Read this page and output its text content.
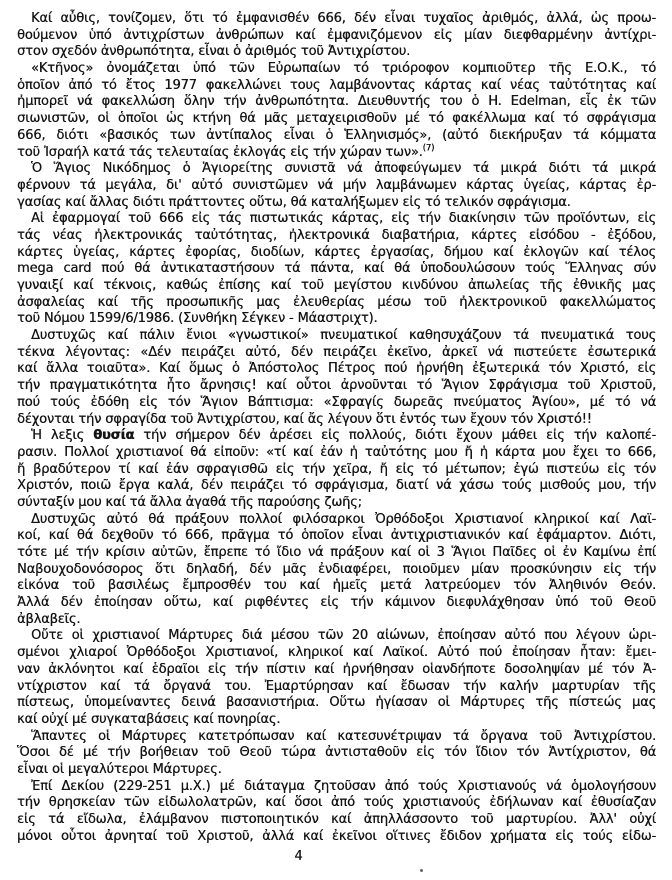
Καί αὖθις, τονίζομεν, ὅτι τό ἐμφανισθέν 666, δέν εἶναι τυχαῖος ἀριθμός, ἀλλά, ὡς προω-
θούμενον ὑπό ἀντιχρίστων ἀνθρώπων καί ἐμφανιζόμενον εἰς μίαν διεφθαρμένην ἀντίχρι-
στον σχεδόν ἀνθρωπότητα, εἶναι ὁ ἀριθμός τοῦ Ἀντιχρίστου.
«Κτῆνος» ὀνομάζεται ὑπό τῶν Εὐρωπαίων τό τριόροφον κομπιοῦτερ τῆς Ε.Ο.Κ., τό
ὁποῖον ἀπό τό ἔτος 1977 φακελλώνει τους λαμβάνοντας κάρτας καί νέας ταὐτότητας καί
ἠμπορεῖ νά φακελλώση ὅλην τήν ἀνθρωπότητα. Διευθυντής του ὁ H. Edelman, εἷς ἐκ τῶν
σιωνιστῶν, οἱ ὁποῖοι ὡς κτήνη θά μᾶς μεταχειρισθοῦν μέ τό φακέλλωμα καί τό σφράγισμα
666, διότι «βασικός των ἀντίπαλος εἶναι ὁ Ἑλληνισμός», (αὐτό διεκήρυξαν τά κόμματα
τοῦ Ἰσραήλ κατά τάς τελευταίας ἐκλογάς εἰς τήν χώραν των».$^{(7)}$
Ὁ Ἅγιος Νικόδημος ὁ Ἁγιορείτης συνιστᾶ νά ἀποφεύγωμεν τά μικρά διότι τά μικρά
φέρνουν τά μεγάλα, δι' αὐτό συνιστῶμεν νά μήν λαμβάνωμεν κάρτας ὑγείας, κάρτας ἐρ-
γασίας καί ἄλλας διότι πράττοντες οὕτω, θά καταλήξωμεν εἰς τό τελικόν σφράγισμα.
Αἱ ἐφαρμογαί τοῦ 666 εἰς τάς πιστωτικάς κάρτας, εἰς τήν διακίνησιν τῶν προϊόντων, εἰς
τάς νέας ἠλεκτρονικάς ταὐτότητας, ἠλεκτρονικά διαβατήρια, κάρτες εἰσόδου - ἐξόδου,
κάρτες ὑγείας, κάρτες ἐφορίας, διοδίων, κάρτες ἐργασίας, δήμου καί ἐκλογῶν καί τέλος
mega card πού θά ἀντικαταστήσουν τά πάντα, καί θά ὑποδουλώσουν τούς Ἕλληνας σύν
γυναιξί καί τέκνοις, καθώς ἐπίσης καί τοῦ μεγίστου κινδύνου ἀπωλείας τῆς ἐθνικῆς μας
ἀσφαλείας καί τῆς προσωπικῆς μας ἐλευθερίας μέσω τοῦ ἠλεκτρονικοῦ φακελλώματος
τοῦ Νόμου 1599/6/1986. (Συνθήκη Σέγκεν - Μάαστριχτ).
Δυστυχῶς καί πάλιν ἔνιοι «γνωστικοί» πνευματικοί καθησυχάζουν τά πνευματικά τους
τέκνα λέγοντας: «Δέν πειράζει αὐτό, δέν πειράζει ἐκεῖνο, ἀρκεῖ νά πιστεύετε ἐσωτερικά
καί ἄλλα τοιαῦτα». Καί ὅμως ὁ Ἀπόστολος Πέτρος πού ἠρνήθη ἐξωτερικά τόν Χριστό, εἰς
τήν πραγματικότητα ἦτο ἄρνησις! καί οὗτοι ἀρνοῦνται τό Ἅγιον Σφράγισμα τοῦ Χριστοῦ,
πού τούς ἐδόθη εἰς τόν Ἅγιον Βάπτισμα: «Σφραγίς δωρεᾶς πνεύματος Ἁγίου», μέ τό νά
δέχονται τήν σφραγίδα τοῦ Ἀντιχρίστου, καί ἄς λέγουν ὅτι ἐντός των ἔχουν τόν Χριστό!!
Ἡ λεξις θυσία τήν σήμερον δέν ἀρέσει εἰς πολλούς, διότι ἔχουν μάθει εἰς τήν καλοπέ-
ρασιν. Πολλοί χριστιανοί θά εἰποῦν: «τί καί ἐάν ἡ ταὐτότης μου ἤ ἡ κάρτα μου ἔχει το 666,
ἤ βραδύτερον τί καί ἐάν σφραγισθῶ εἰς τήν χεῖρα, ἤ εἰς τό μέτωπον; ἐγώ πιστεύω εἰς τόν
Χριστόν, ποιῶ ἔργα καλά, δέν πειράζει τό σφράγισμα, διατί νά χάσω τούς μισθούς μου, τήν
σύνταξίν μου καί τά ἄλλα ἀγαθά τῆς παρούσης ζωῆς;
Δυστυχῶς αὐτό θά πράξουν πολλοί φιλόσαρκοι Ὀρθόδοξοι Χριστιανοί κληρικοί καί Λαϊ-
κοί, καί θά δεχθοῦν τό 666, πρᾶγμα τό ὁποῖον εἶναι ἀντιχριστιανικόν καί ἐφάμαρτον. Διότι,
τότε μέ τήν κρίσιν αὐτῶν, ἔπρεπε τό ἴδιο νά πράξουν καί οἱ 3 Ἅγιοι Παῖδες οἱ ἐν Καμίνω ἐπί
Ναβουχοδονόσορος ὅτι δηλαδή, δέν μᾶς ἐνδιαφέρει, ποιοῦμεν μίαν προσκύνησιν εἰς τήν
εἰκόνα τοῦ βασιλέως ἔμπροσθέν του καί ἡμεῖς μετά λατρεύομεν τόν Ἀληθινόν Θεόν.
Ἀλλά δέν ἐποίησαν οὕτω, καί ριφθέντες εἰς τήν κάμινον διεφυλάχθησαν ὑπό τοῦ Θεοῦ
ἀβλαβεῖς.
Οὔτε οἱ χριστιανοί Μάρτυρες διά μέσου τῶν 20 αἰώνων, ἐποίησαν αὐτό που λέγουν ὡρι-
σμένοι χλιαροί Ὀρθόδοξοι Χριστιανοί, κληρικοί καί Λαϊκοί. Αὐτό πού ἐποίησαν ἦταν: ἔμει-
ναν ἀκλόνητοι καί ἑδραῖοι εἰς τήν πίστιν καί ἠρνήθησαν οἱανδήποτε δοσοληψίαν μέ τόν Ἀ-
ντίχριστον καί τά ὄργανά του. Ἐμαρτύρησαν καί ἔδωσαν τήν καλήν μαρτυρίαν τῆς
πίστεως, ὑπομείναντες δεινά βασανιστήρια. Οὕτω ἡγίασαν οἱ Μάρτυρες τῆς πίστεώς μας
καί οὐχί μέ συγκαταβάσεις καί πονηρίας.
Ἅπαντες οἱ Μάρτυρες κατετρόπωσαν καί κατεσυνέτριψαν τά ὄργανα τοῦ Ἀντιχρίστου.
Ὅσοι δέ μέ τήν βοήθειαν τοῦ Θεοῦ τώρα ἀντισταθοῦν εἰς τόν ἴδιον τόν Ἀντίχριστον, θά
εἶναι οἱ μεγαλύτεροι Μάρτυρες.
Ἐπί Δεκίου (229-251 μ.Χ.) μέ διάταγμα ζητοῦσαν ἀπό τούς Χριστιανούς νά ὁμολογήσουν
τήν θρησκείαν τῶν εἰδωλολατρῶν, καί ὅσοι ἀπό τούς χριστιανούς ἐδήλωναν καί ἐθυσίαζαν
εἰς τά εἴδωλα, ἐλάμβανον πιστοποιητικόν καί ἀπηλλάσσοντο τοῦ μαρτυρίου. Ἀλλ' οὐχί
μόνοι οὗτοι ἀρνηταί τοῦ Χριστοῦ, ἀλλά καί ἐκεῖνοι οἵτινες ἔδιδον χρήματα εἰς τούς εἰδω-
4
